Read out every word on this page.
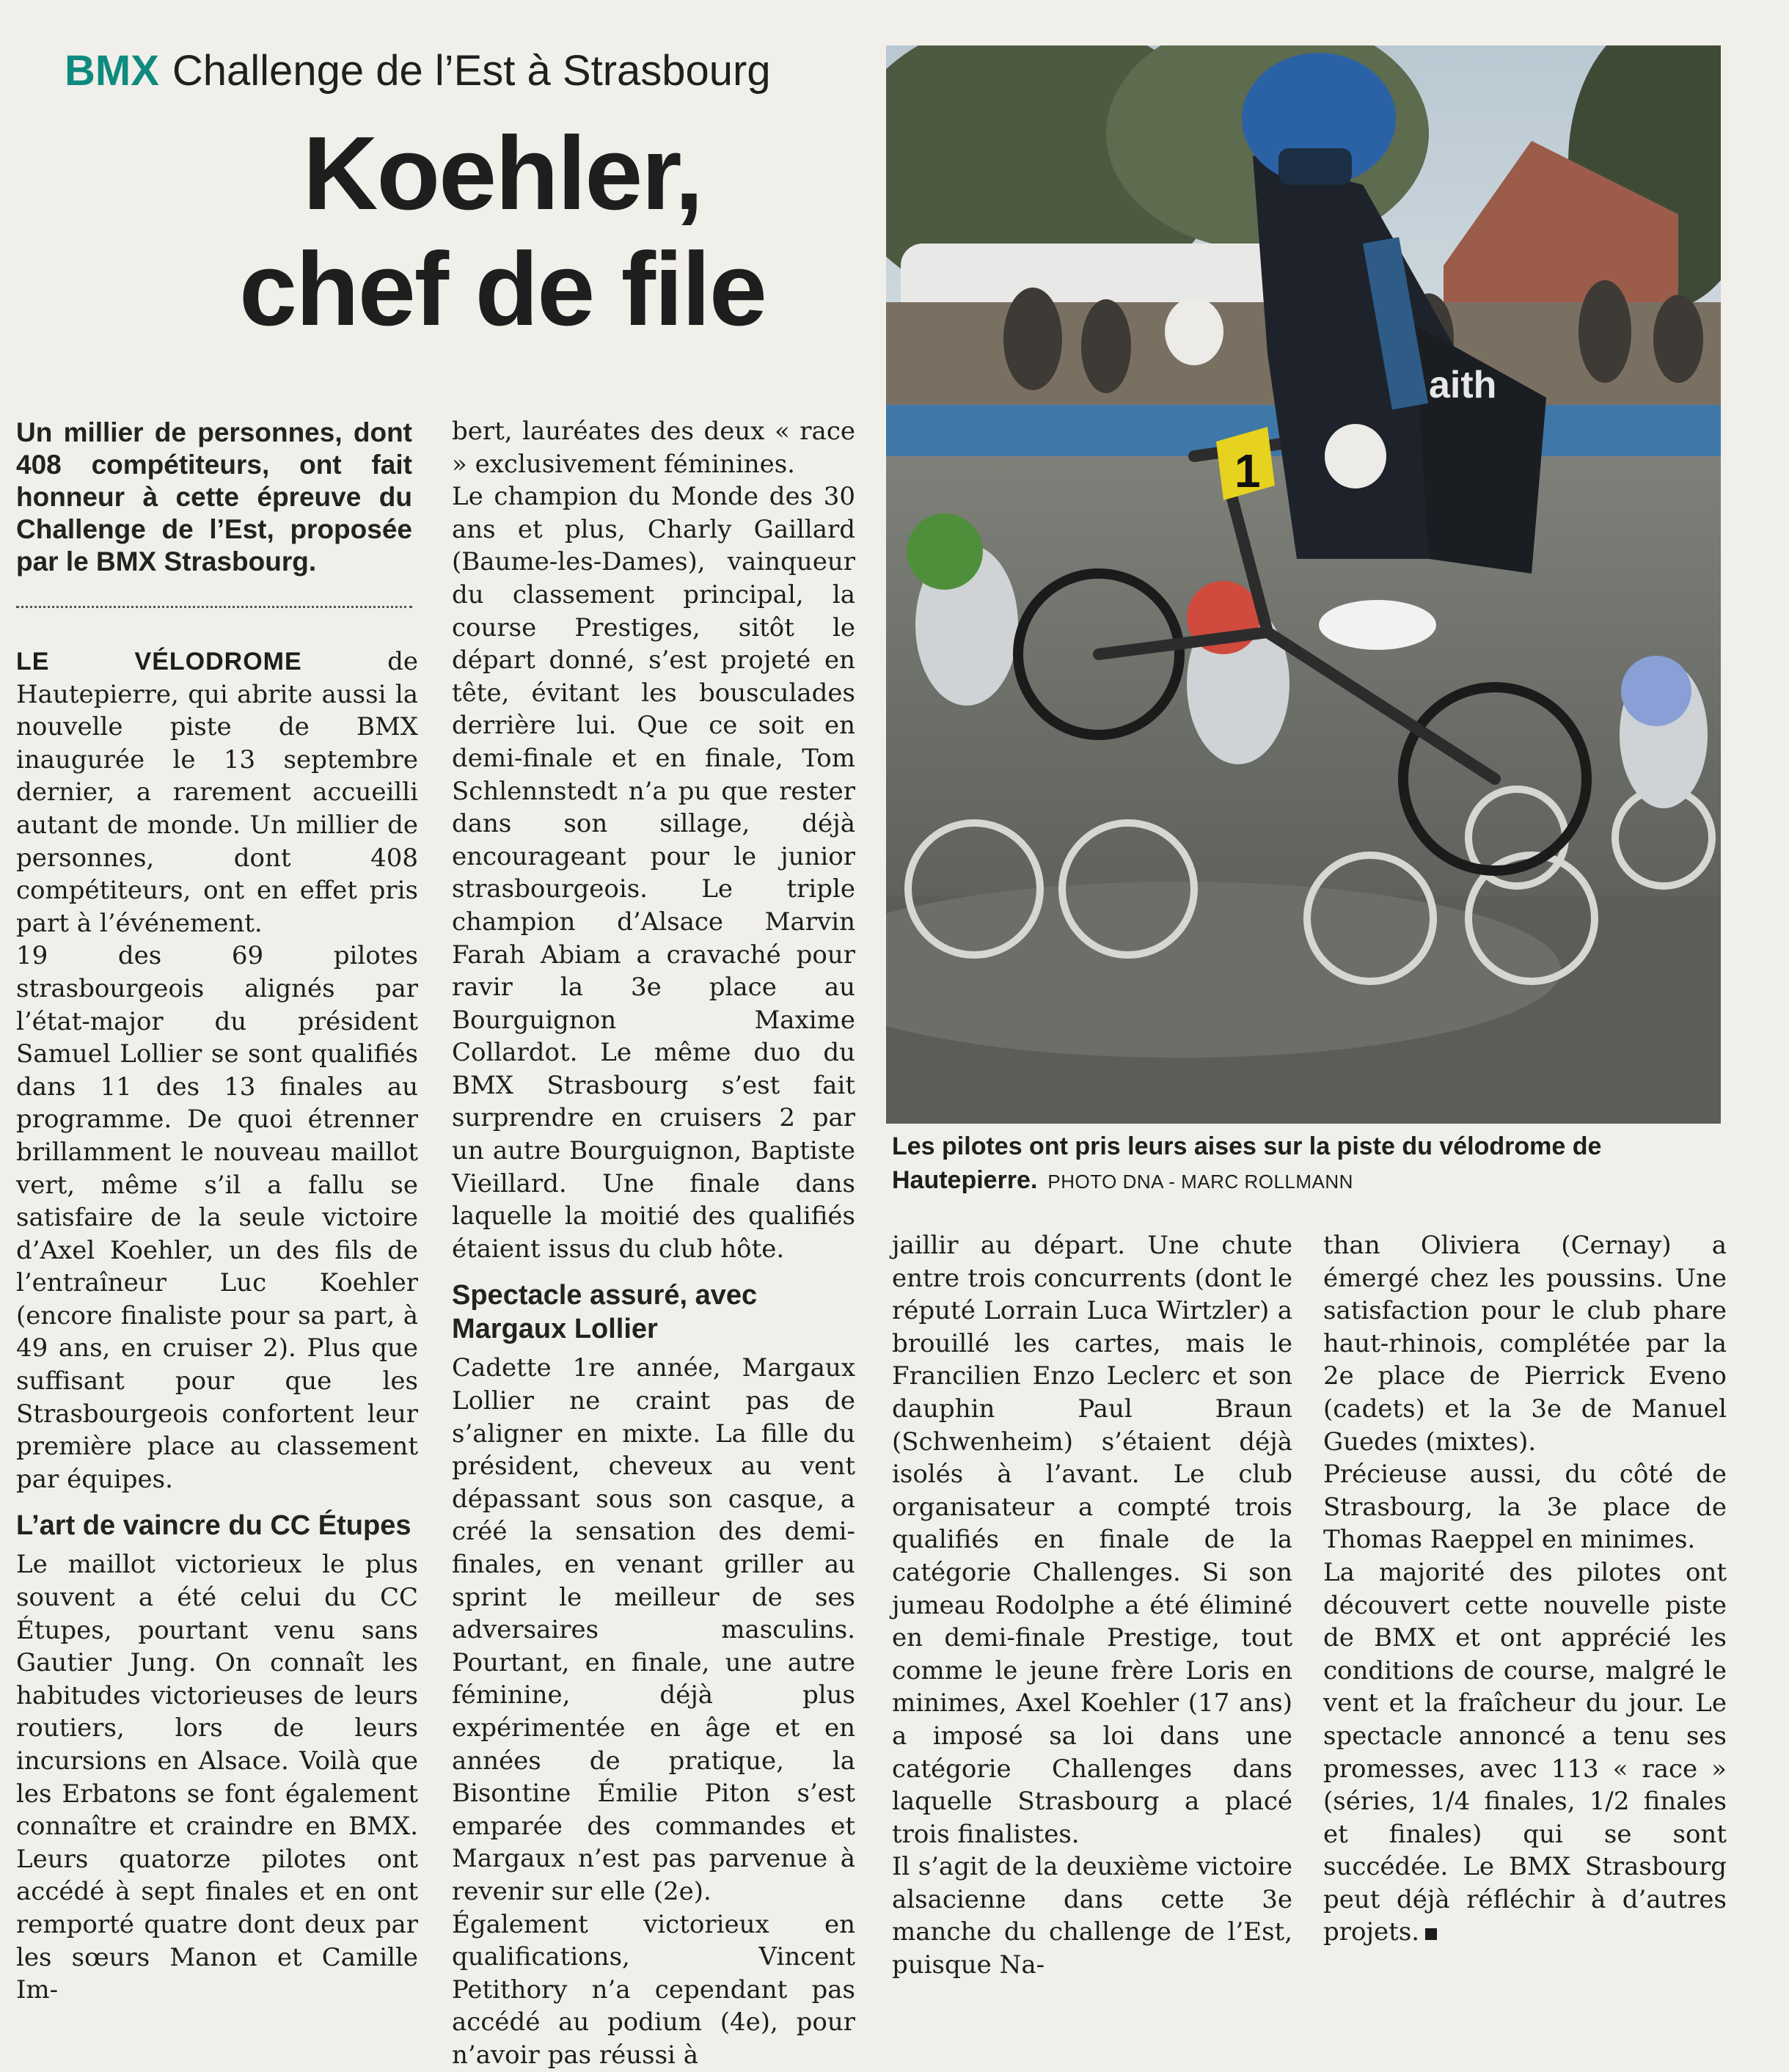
BMX Challenge de l’Est à Strasbourg
Koehler,
chef de file
Un millier de personnes, dont 408 compétiteurs, ont fait honneur à cette épreuve du Challenge de l’Est, proposée par le BMX Strasbourg.

LE VÉLODROME de Hautepierre, qui abrite aussi la nouvelle piste de BMX inaugurée le 13 septembre dernier, a rarement accueilli autant de monde. Un millier de personnes, dont 408 compétiteurs, ont en effet pris part à l’événement.

19 des 69 pilotes strasbourgeois alignés par l’état-major du président Samuel Lollier se sont qualifiés dans 11 des 13 finales au programme. De quoi étrenner brillamment le nouveau maillot vert, même s’il a fallu se satisfaire de la seule victoire d’Axel Koehler, un des fils de l’entraîneur Luc Koehler (encore finaliste pour sa part, à 49 ans, en cruiser 2). Plus que suffisant pour que les Strasbourgeois confortent leur première place au classement par équipes.

L’art de vaincre du CC Étupes

Le maillot victorieux le plus souvent a été celui du CC Étupes, pourtant venu sans Gautier Jung. On connaît les habitudes victorieuses de leurs routiers, lors de leurs incursions en Alsace. Voilà que les Erbatons se font également connaître et craindre en BMX. Leurs quatorze pilotes ont accédé à sept finales et en ont remporté quatre dont deux par les sœurs Manon et Camille Im-

bert, lauréates des deux « race » exclusivement féminines.

Le champion du Monde des 30 ans et plus, Charly Gaillard (Baume-les-Dames), vainqueur du classement principal, la course Prestiges, sitôt le départ donné, s’est projeté en tête, évitant les bousculades derrière lui. Que ce soit en demi-finale et en finale, Tom Schlennstedt n’a pu que rester dans son sillage, déjà encourageant pour le junior strasbourgeois. Le triple champion d’Alsace Marvin Farah Abiam a cravaché pour ravir la 3e place au Bourguignon Maxime Collardot. Le même duo du BMX Strasbourg s’est fait surprendre en cruisers 2 par un autre Bourguignon, Baptiste Vieillard. Une finale dans laquelle la moitié des qualifiés étaient issus du club hôte.

Spectacle assuré, avec Margaux Lollier

Cadette 1re année, Margaux Lollier ne craint pas de s’aligner en mixte. La fille du président, cheveux au vent dépassant sous son casque, a créé la sensation des demi-finales, en venant griller au sprint le meilleur de ses adversaires masculins. Pourtant, en finale, une autre féminine, déjà plus expérimentée en âge et en années de pratique, la Bisontine Émilie Piton s’est emparée des commandes et Margaux n’est pas parvenue à revenir sur elle (2e).

Également victorieux en qualifications, Vincent Petithory n’a cependant pas accédé au podium (4e), pour n’avoir pas réussi à

aith
1
Les pilotes ont pris leurs aises sur la piste du vélodrome de Hautepierre. PHOTO DNA - MARC ROLLMANN

jaillir au départ. Une chute entre trois concurrents (dont le réputé Lorrain Luca Wirtzler) a brouillé les cartes, mais le Francilien Enzo Leclerc et son dauphin Paul Braun (Schwenheim) s’étaient déjà isolés à l’avant. Le club organisateur a compté trois qualifiés en finale de la catégorie Challenges. Si son jumeau Rodolphe a été éliminé en demi-finale Prestige, tout comme le jeune frère Loris en minimes, Axel Koehler (17 ans) a imposé sa loi dans une catégorie Challenges dans laquelle Strasbourg a placé trois finalistes.

Il s’agit de la deuxième victoire alsacienne dans cette 3e manche du challenge de l’Est, puisque Na-

than Oliviera (Cernay) a émergé chez les poussins. Une satisfaction pour le club phare haut-rhinois, complétée par la 2e place de Pierrick Eveno (cadets) et la 3e de Manuel Guedes (mixtes).

Précieuse aussi, du côté de Strasbourg, la 3e place de Thomas Raeppel en minimes.

La majorité des pilotes ont découvert cette nouvelle piste de BMX et ont apprécié les conditions de course, malgré le vent et la fraîcheur du jour. Le spectacle annoncé a tenu ses promesses, avec 113 « race » (séries, 1/4 finales, 1/2 finales et finales) qui se sont succédée. Le BMX Strasbourg peut déjà réfléchir à d’autres projets.
